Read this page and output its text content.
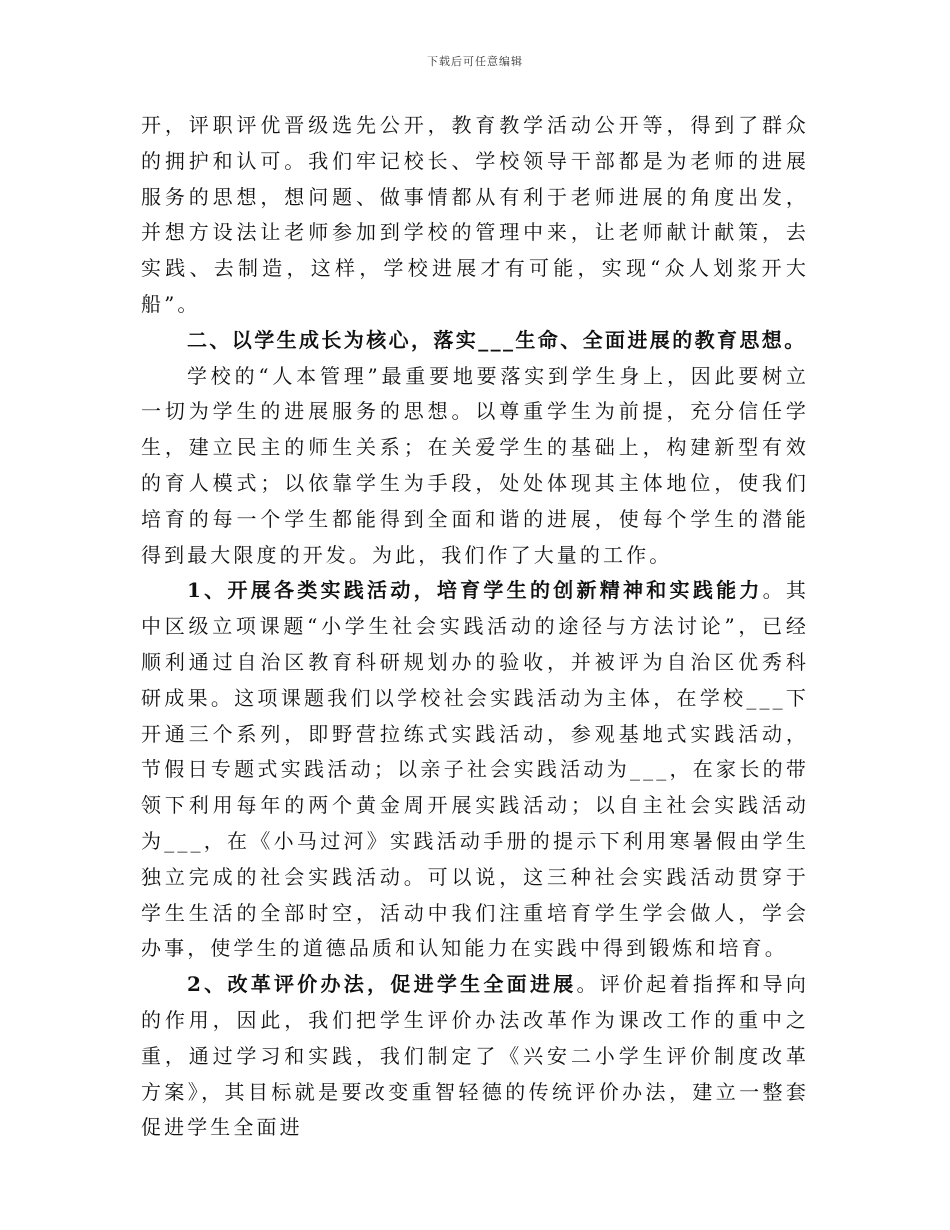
下载后可任意编辑

开，评职评优晋级选先公开，教育教学活动公开等，得到了群众的拥护和认可。我们牢记校长、学校领导干部都是为老师的进展服务的思想，想问题、做事情都从有利于老师进展的角度出发，并想方设法让老师参加到学校的管理中来，让老师献计献策，去实践、去制造，这样，学校进展才有可能，实现“众人划浆开大船”。

二、以学生成长为核心，落实___生命、全面进展的教育思想。

学校的“人本管理”最重要地要落实到学生身上，因此要树立一切为学生的进展服务的思想。以尊重学生为前提，充分信任学生，建立民主的师生关系；在关爱学生的基础上，构建新型有效的育人模式；以依靠学生为手段，处处体现其主体地位，使我们培育的每一个学生都能得到全面和谐的进展，使每个学生的潜能得到最大限度的开发。为此，我们作了大量的工作。

1、开展各类实践活动，培育学生的创新精神和实践能力。其中区级立项课题“小学生社会实践活动的途径与方法讨论”，已经顺利通过自治区教育科研规划办的验收，并被评为自治区优秀科研成果。这项课题我们以学校社会实践活动为主体，在学校___下开通三个系列，即野营拉练式实践活动，参观基地式实践活动，节假日专题式实践活动；以亲子社会实践活动为___，在家长的带领下利用每年的两个黄金周开展实践活动；以自主社会实践活动为___，在《小马过河》实践活动手册的提示下利用寒暑假由学生独立完成的社会实践活动。可以说，这三种社会实践活动贯穿于学生生活的全部时空，活动中我们注重培育学生学会做人，学会办事，使学生的道德品质和认知能力在实践中得到锻炼和培育。

2、改革评价办法，促进学生全面进展。评价起着指挥和导向的作用，因此，我们把学生评价办法改革作为课改工作的重中之重，通过学习和实践，我们制定了《兴安二小学生评价制度改革方案》，其目标就是要改变重智轻德的传统评价办法，建立一整套促进学生全面进
